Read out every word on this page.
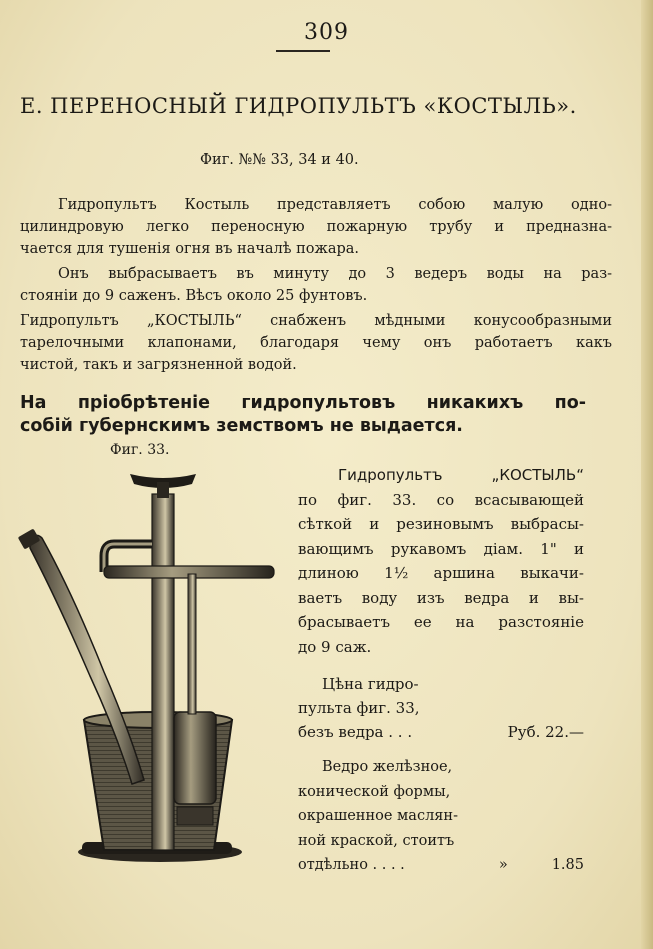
309
Е. ПЕРЕНОСНЫЙ ГИДРОПУЛЬТЪ «КОСТЫЛЬ».
Фиг. №№ 33, 34 и 40.
Гидропультъ Костыль представляетъ собою малую одно-
цилиндровую легко переносную пожарную трубу и предназна-
чается для тушенія огня въ началѣ пожара.
Онъ выбрасываетъ въ минуту до 3 ведеръ воды на раз-
стояніи до 9 саженъ. Вѣсъ около 25 фунтовъ.
Гидропультъ „КОСТЫЛЬ“ снабженъ мѣдными конусообразными
тарелочными клапонами, благодаря чему онъ работаетъ какъ
чистой, такъ и загрязненной водой.
На пріобрѣтеніе гидропультовъ никакихъ по-
собій губернскимъ земствомъ не выдается.
Фиг. 33.
Гидропультъ „КОСТЫЛЬ“
по фиг. 33. со всасывающей
сѣткой и резиновымъ выбрасы-
вающимъ рукавомъ діам. 1" и
длиною 1½ аршина выкачи-
ваетъ воду изъ ведра и вы-
брасываетъ ее на разстояніе
до 9 саж.
Цѣна гидро-
пульта фиг. 33,
безъ ведра . . .	Руб. 22.—
Ведро желѣзное,
конической формы,
окрашенное маслян-
ной краской, стоитъ
отдѣльно . . . .	»	1.85
